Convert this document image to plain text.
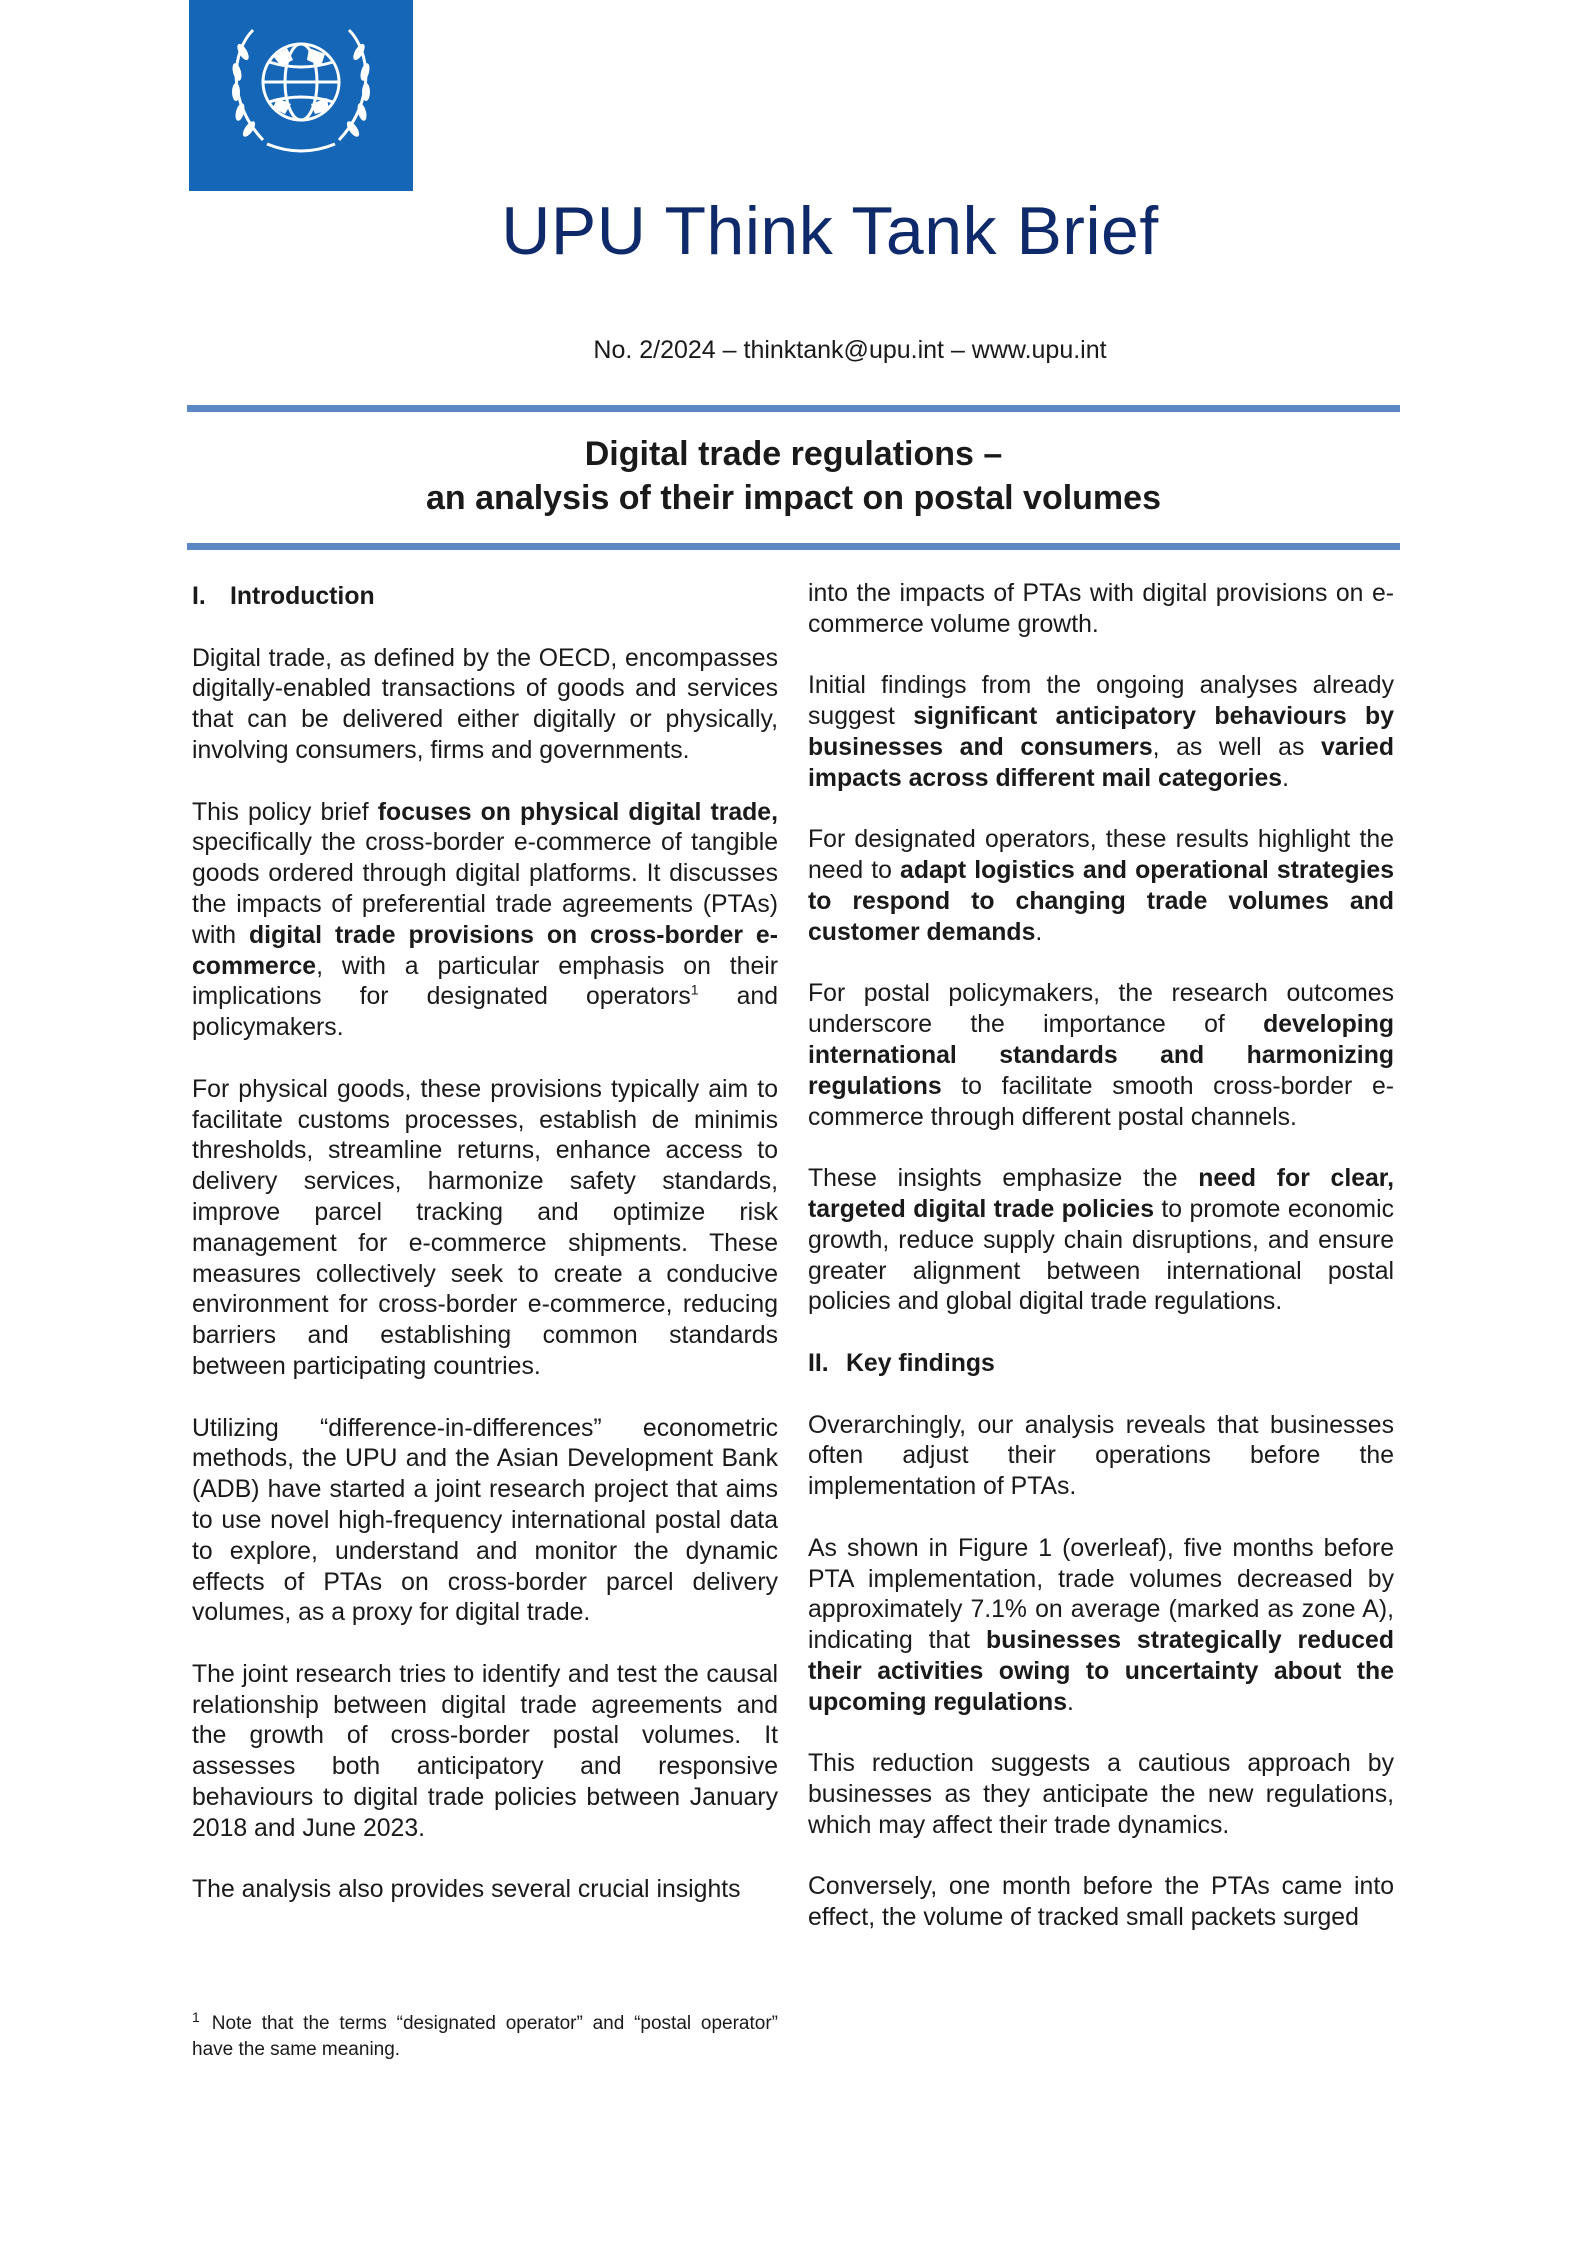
UPU Think Tank Brief
No. 2/2024 – thinktank@upu.int – www.upu.int
Digital trade regulations –
an analysis of their impact on postal volumes
I. Introduction

Digital trade, as defined by the OECD, encompasses digitally-enabled transactions of goods and services that can be delivered either digitally or physically, involving consumers, firms and governments.

This policy brief focuses on physical digital trade, specifically the cross-border e-commerce of tangible goods ordered through digital platforms. It discusses the impacts of preferential trade agreements (PTAs) with digital trade provisions on cross-border e-commerce, with a particular emphasis on their implications for designated operators$^1$ and policymakers.

For physical goods, these provisions typically aim to facilitate customs processes, establish de minimis thresholds, streamline returns, enhance access to delivery services, harmonize safety standards, improve parcel tracking and optimize risk management for e-commerce shipments. These measures collectively seek to create a conducive environment for cross-border e-commerce, reducing barriers and establishing common standards between participating countries.

Utilizing “difference-in-differences” econometric methods, the UPU and the Asian Development Bank (ADB) have started a joint research project that aims to use novel high-frequency international postal data to explore, understand and monitor the dynamic effects of PTAs on cross-border parcel delivery volumes, as a proxy for digital trade.

The joint research tries to identify and test the causal relationship between digital trade agreements and the growth of cross-border postal volumes. It assesses both anticipatory and responsive behaviours to digital trade policies between January 2018 and June 2023.

The analysis also provides several crucial insights

into the impacts of PTAs with digital provisions on e-commerce volume growth.

Initial findings from the ongoing analyses already suggest significant anticipatory behaviours by businesses and consumers, as well as varied impacts across different mail categories.

For designated operators, these results highlight the need to adapt logistics and operational strategies to respond to changing trade volumes and customer demands.

For postal policymakers, the research outcomes underscore the importance of developing international standards and harmonizing regulations to facilitate smooth cross-border e-commerce through different postal channels.

These insights emphasize the need for clear, targeted digital trade policies to promote economic growth, reduce supply chain disruptions, and ensure greater alignment between international postal policies and global digital trade regulations.

II. Key findings

Overarchingly, our analysis reveals that businesses often adjust their operations before the implementation of PTAs.

As shown in Figure 1 (overleaf), five months before PTA implementation, trade volumes decreased by approximately 7.1% on average (marked as zone A), indicating that businesses strategically reduced their activities owing to uncertainty about the upcoming regulations.

This reduction suggests a cautious approach by businesses as they anticipate the new regulations, which may affect their trade dynamics.

Conversely, one month before the PTAs came into effect, the volume of tracked small packets surged

$^1$ Note that the terms “designated operator” and “postal operator” have the same meaning.
